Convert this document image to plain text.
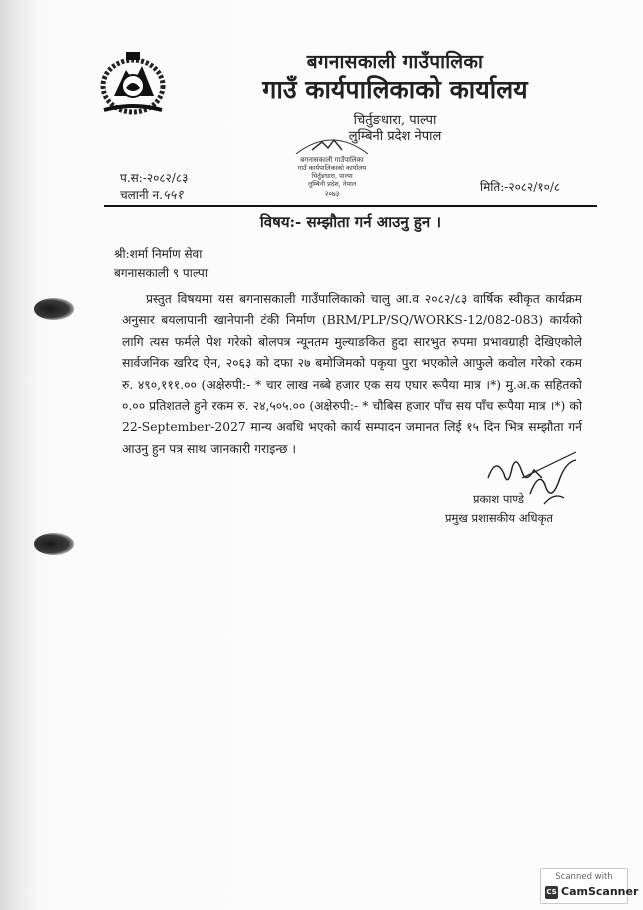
बगनासकाली गाउँपालिका
गाउँ कार्यपालिकाको कार्यालय
चिर्तुङधारा, पाल्पा
लुम्बिनी प्रदेश नेपाल
बगनासकाली गाउँपालिका
गाउँ कार्यपालिकाको कार्यालय
चिर्तुङधारा, पाल्पा
लुम्बिनी प्रदेश, नेपाल
२०७३
प.स:-२०८२/८३
चलानी न.५५१
मिति:-२०८२/१०/८
विषय:- सम्झौता गर्न आउनु हुन ।
श्री:शर्मा निर्माण सेवा
बगनासकाली ९ पाल्पा
प्रस्तुत विषयमा यस बगनासकाली गाउँपालिकाको चालु आ.व २०८२/८३ वार्षिक स्वीकृत कार्यक्रम अनुसार बयलापानी खानेपानी टंकी निर्माण (BRM/PLP/SQ/WORKS-12/082-083) कार्यको लागि त्यस फर्मले पेश गरेको बोलपत्र न्यूनतम मुल्याङकित हुदा सारभुत रुपमा प्रभावग्राही देखिएकोले सार्वजनिक खरिद ऐन, २०६३ को दफा २७ बमोजिमको पकृया पुरा भएकोले आफुले कवोल गरेको रकम रु. ४९०,१११.०० (अक्षेरुपी:- * चार लाख नब्बे हजार एक सय एघार रूपैया मात्र ।*) मु.अ.क सहितको ०.०० प्रतिशतले हुने रकम रु. २४,५०५.०० (अक्षेरुपी:- * चौबिस हजार पाँच सय पाँच रूपैया मात्र ।*) को 22-September-2027 मान्य अवधि भएको कार्य सम्पादन जमानत लिई १५ दिन भित्र सम्झौता गर्न आउनु हुन पत्र साथ जानकारी गराइन्छ ।
प्रकाश पाण्डे
प्रमुख प्रशासकीय अधिकृत
Scanned with
CS CamScanner
